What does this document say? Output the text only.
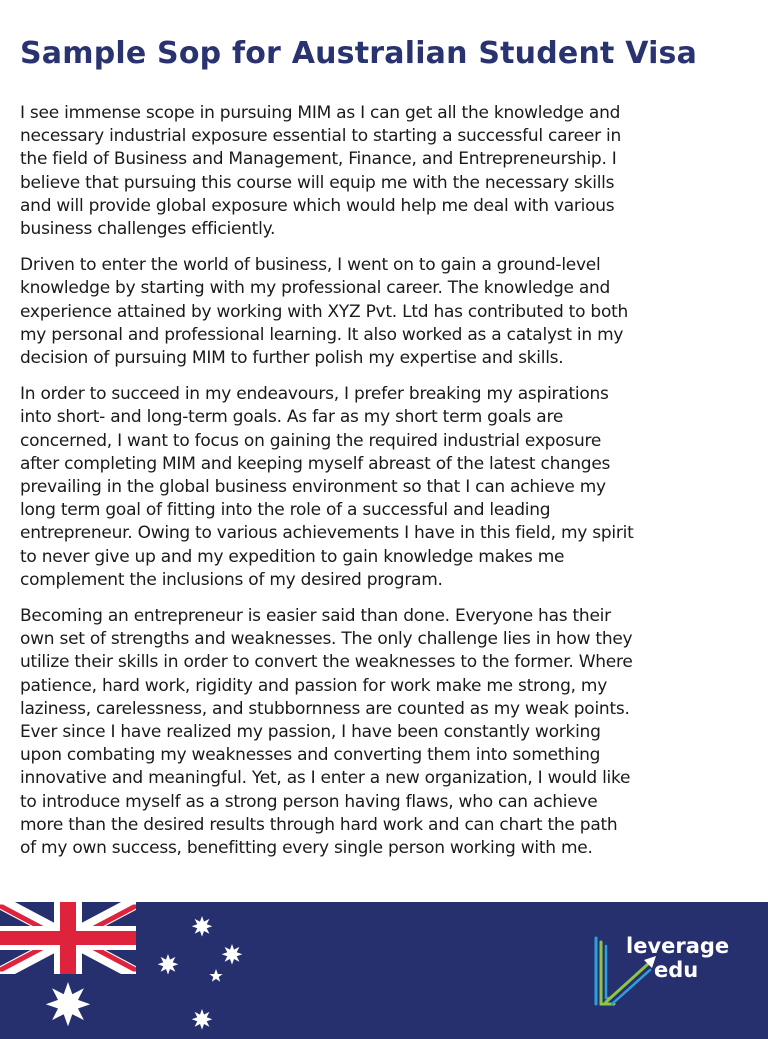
Sample Sop for Australian Student Visa

I see immense scope in pursuing MIM as I can get all the knowledge and
necessary industrial exposure essential to starting a successful career in
the field of Business and Management, Finance, and Entrepreneurship. I
believe that pursuing this course will equip me with the necessary skills
and will provide global exposure which would help me deal with various
business challenges efficiently.

Driven to enter the world of business, I went on to gain a ground-level
knowledge by starting with my professional career. The knowledge and
experience attained by working with XYZ Pvt. Ltd has contributed to both
my personal and professional learning. It also worked as a catalyst in my
decision of pursuing MIM to further polish my expertise and skills.

In order to succeed in my endeavours, I prefer breaking my aspirations
into short- and long-term goals. As far as my short term goals are
concerned, I want to focus on gaining the required industrial exposure
after completing MIM and keeping myself abreast of the latest changes
prevailing in the global business environment so that I can achieve my
long term goal of fitting into the role of a successful and leading
entrepreneur. Owing to various achievements I have in this field, my spirit
to never give up and my expedition to gain knowledge makes me
complement the inclusions of my desired program.

Becoming an entrepreneur is easier said than done. Everyone has their
own set of strengths and weaknesses. The only challenge lies in how they
utilize their skills in order to convert the weaknesses to the former. Where
patience, hard work, rigidity and passion for work make me strong, my
laziness, carelessness, and stubbornness are counted as my weak points.
Ever since I have realized my passion, I have been constantly working
upon combating my weaknesses and converting them into something
innovative and meaningful. Yet, as I enter a new organization, I would like
to introduce myself as a strong person having flaws, who can achieve
more than the desired results through hard work and can chart the path
of my own success, benefitting every single person working with me.

leverage
edu
